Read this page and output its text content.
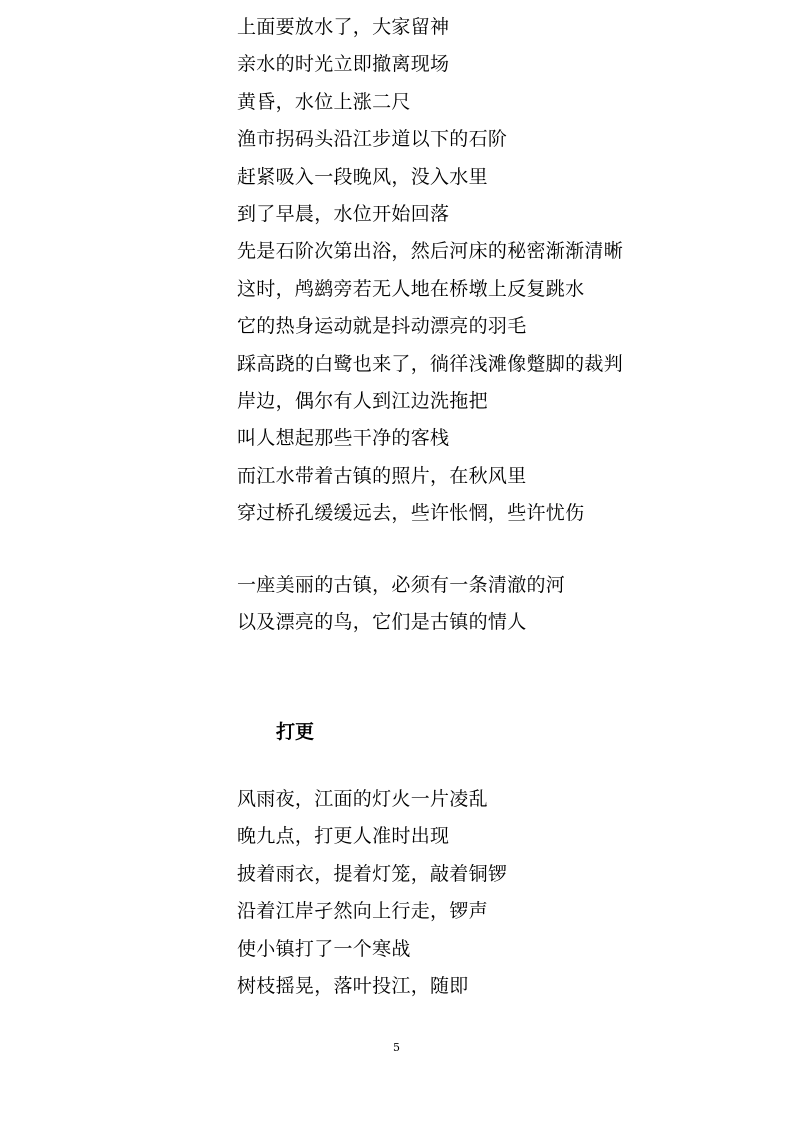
上面要放水了，大家留神
亲水的时光立即撤离现场
黄昏，水位上涨二尺
渔市拐码头沿江步道以下的石阶
赶紧吸入一段晚风，没入水里
到了早晨，水位开始回落
先是石阶次第出浴，然后河床的秘密渐渐清晰
这时，鸬鹚旁若无人地在桥墩上反复跳水
它的热身运动就是抖动漂亮的羽毛
踩高跷的白鹭也来了，徜徉浅滩像蹩脚的裁判
岸边，偶尔有人到江边洗拖把
叫人想起那些干净的客栈
而江水带着古镇的照片，在秋风里
穿过桥孔缓缓远去，些许怅惘，些许忧伤
一座美丽的古镇，必须有一条清澈的河
以及漂亮的鸟，它们是古镇的情人
打更
风雨夜，江面的灯火一片凌乱
晚九点，打更人准时出现
披着雨衣，提着灯笼，敲着铜锣
沿着江岸孑然向上行走，锣声
使小镇打了一个寒战
树枝摇晃，落叶投江，随即
5
